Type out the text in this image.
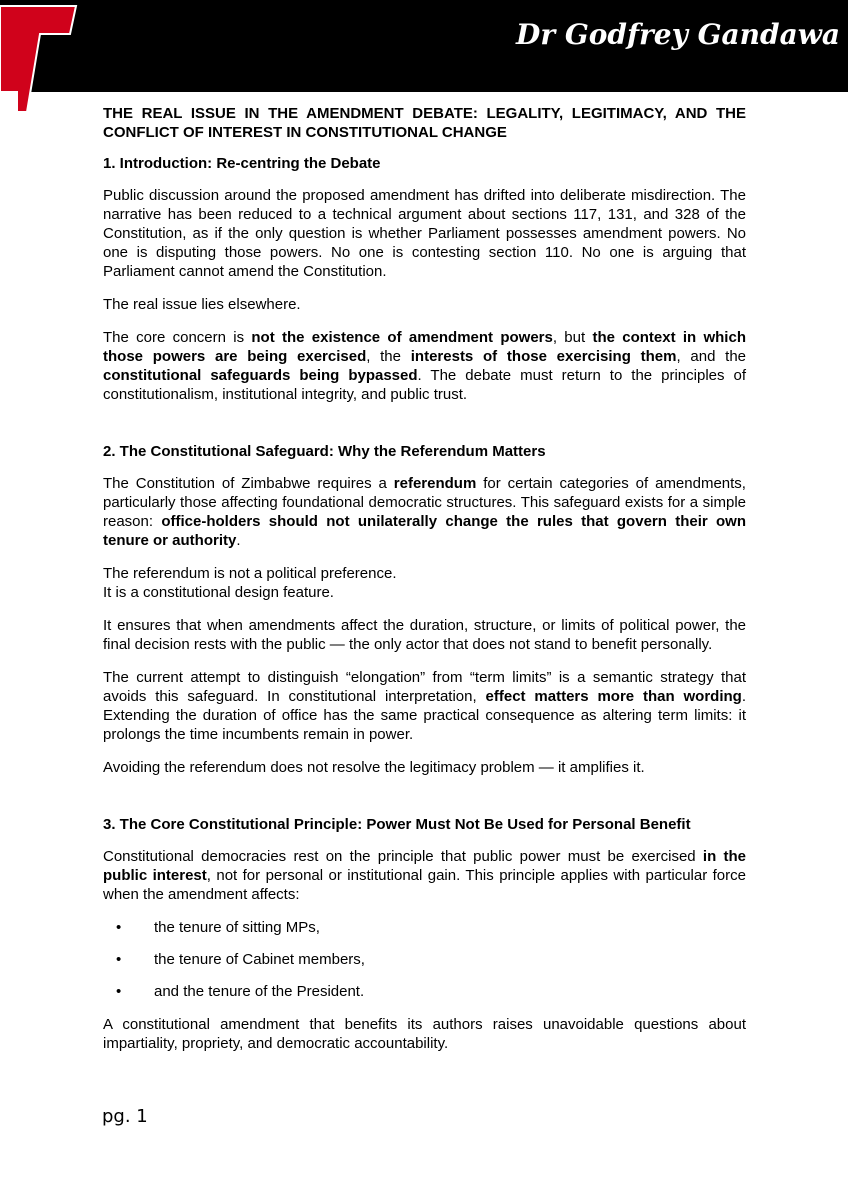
Dr Godfrey Gandawa

THE REAL ISSUE IN THE AMENDMENT DEBATE: LEGALITY, LEGITIMACY, AND THE CONFLICT OF INTEREST IN CONSTITUTIONAL CHANGE

1. Introduction: Re-centring the Debate

Public discussion around the proposed amendment has drifted into deliberate misdirection. The narrative has been reduced to a technical argument about sections 117, 131, and 328 of the Constitution, as if the only question is whether Parliament possesses amendment powers. No one is disputing those powers. No one is contesting section 110. No one is arguing that Parliament cannot amend the Constitution.

The real issue lies elsewhere.

The core concern is not the existence of amendment powers, but the context in which those powers are being exercised, the interests of those exercising them, and the constitutional safeguards being bypassed. The debate must return to the principles of constitutionalism, institutional integrity, and public trust.

2. The Constitutional Safeguard: Why the Referendum Matters

The Constitution of Zimbabwe requires a referendum for certain categories of amendments, particularly those affecting foundational democratic structures. This safeguard exists for a simple reason: office-holders should not unilaterally change the rules that govern their own tenure or authority.

The referendum is not a political preference.
It is a constitutional design feature.

It ensures that when amendments affect the duration, structure, or limits of political power, the final decision rests with the public — the only actor that does not stand to benefit personally.

The current attempt to distinguish “elongation” from “term limits” is a semantic strategy that avoids this safeguard. In constitutional interpretation, effect matters more than wording. Extending the duration of office has the same practical consequence as altering term limits: it prolongs the time incumbents remain in power.

Avoiding the referendum does not resolve the legitimacy problem — it amplifies it.

3. The Core Constitutional Principle: Power Must Not Be Used for Personal Benefit

Constitutional democracies rest on the principle that public power must be exercised in the public interest, not for personal or institutional gain. This principle applies with particular force when the amendment affects:

• the tenure of sitting MPs,
• the tenure of Cabinet members,
• and the tenure of the President.

A constitutional amendment that benefits its authors raises unavoidable questions about impartiality, propriety, and democratic accountability.

pg. 1
